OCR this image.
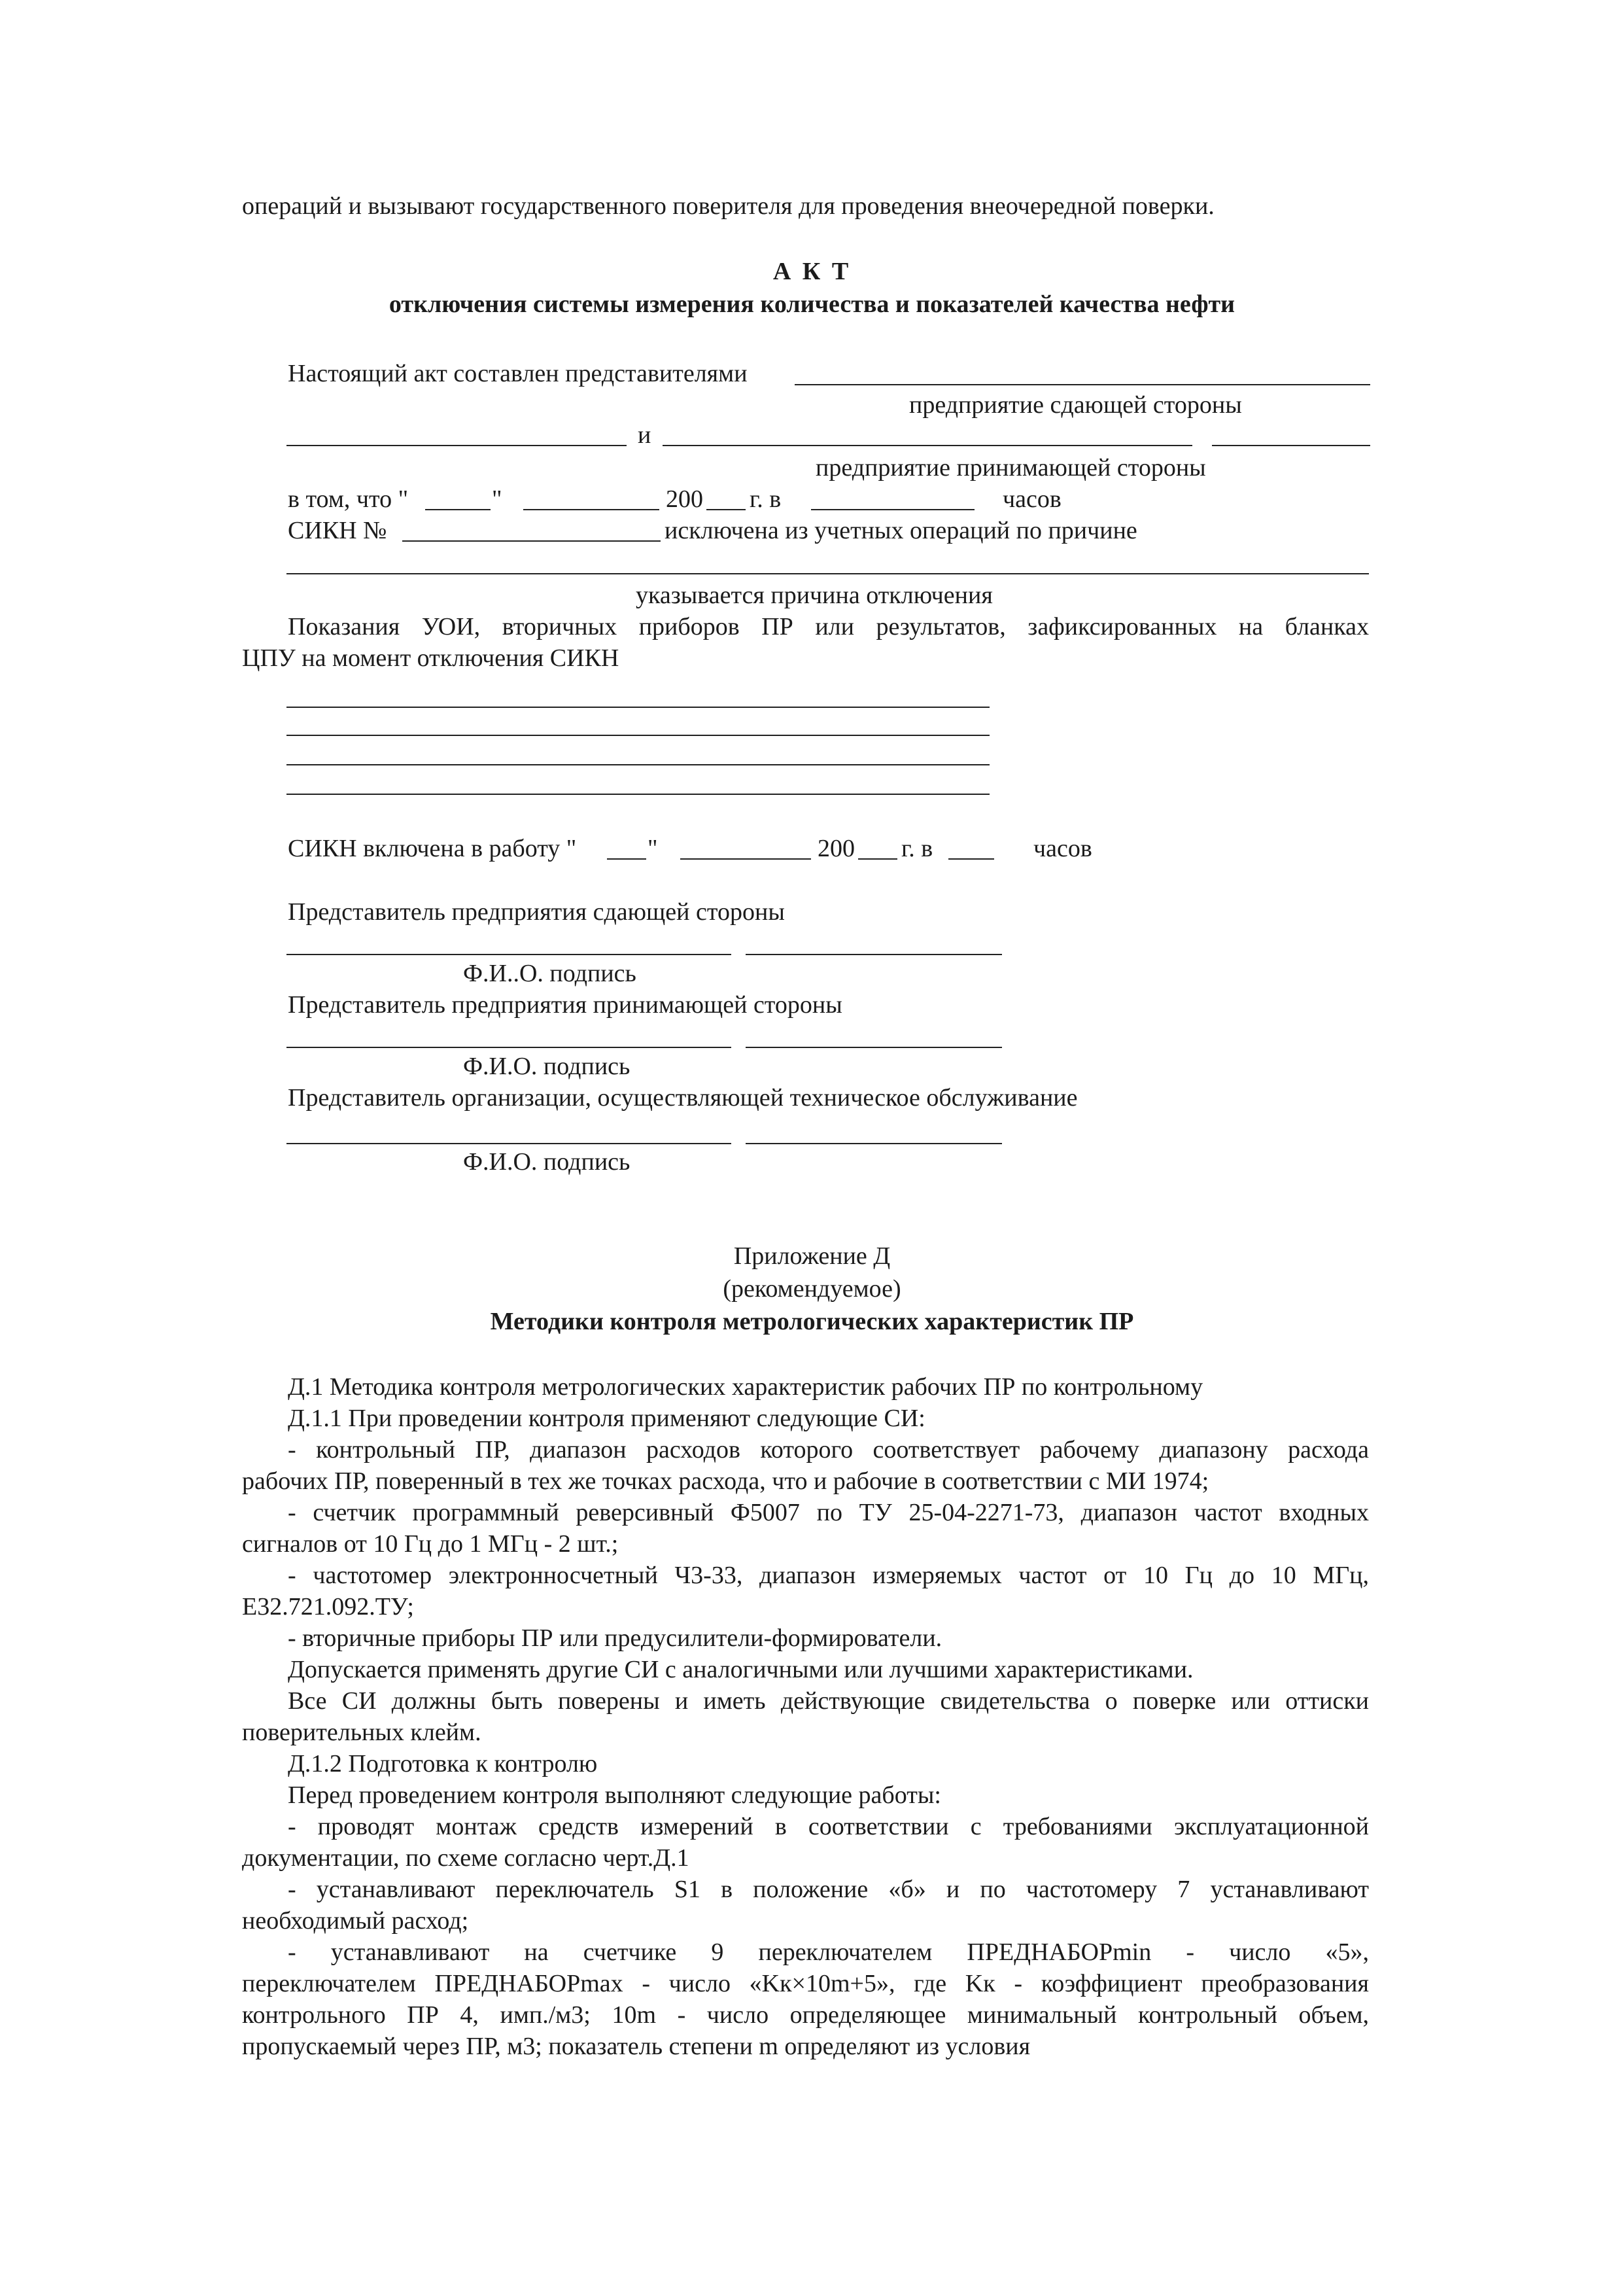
операций и вызывают государственного поверителя для проведения внеочередной поверки.
А К Т
отключения системы измерения количества и показателей качества нефти
Настоящий акт составлен представителями
предприятие сдающей стороны
и
предприятие принимающей стороны
в том, что "	"	200 г. в	часов
СИКН №	исключена из учетных операций по причине
указывается причина отключения
Показания УОИ, вторичных приборов ПР или результатов, зафиксированных на бланках
ЦПУ на момент отключения СИКН
СИКН включена в работу "	"	200 г. в	часов
Представитель предприятия сдающей стороны
Ф.И..О. подпись
Представитель предприятия принимающей стороны
Ф.И.О. подпись
Представитель организации, осуществляющей техническое обслуживание
Ф.И.О. подпись
Приложение Д
(рекомендуемое)
Методики контроля метрологических характеристик ПР
Д.1 Методика контроля метрологических характеристик рабочих ПР по контрольному
Д.1.1 При проведении контроля применяют следующие СИ:
- контрольный ПР, диапазон расходов которого соответствует рабочему диапазону расхода
рабочих ПР, поверенный в тех же точках расхода, что и рабочие в соответствии с МИ 1974;
- счетчик программный реверсивный Ф5007 по ТУ 25-04-2271-73, диапазон частот входных
сигналов от 10 Гц до 1 МГц - 2 шт.;
- частотомер электронносчетный Ч3-33, диапазон измеряемых частот от 10 Гц до 10 МГц,
Е32.721.092.ТУ;
- вторичные приборы ПР или предусилители-формирователи.
Допускается применять другие СИ с аналогичными или лучшими характеристиками.
Все СИ должны быть поверены и иметь действующие свидетельства о поверке или оттиски
поверительных клейм.
Д.1.2 Подготовка к контролю
Перед проведением контроля выполняют следующие работы:
- проводят монтаж средств измерений в соответствии с требованиями эксплуатационной
документации, по схеме согласно черт.Д.1
- устанавливают переключатель S1 в положение «б» и по частотомеру 7 устанавливают
необходимый расход;
- устанавливают на счетчике 9 переключателем ПРЕДНАБОРmin - число «5»,
переключателем ПРЕДНАБОРmax - число «Kк×10m+5», где Kк - коэффициент преобразования
контрольного ПР 4, имп./м3; 10m - число определяющее минимальный контрольный объем,
пропускаемый через ПР, м3; показатель степени m определяют из условия
